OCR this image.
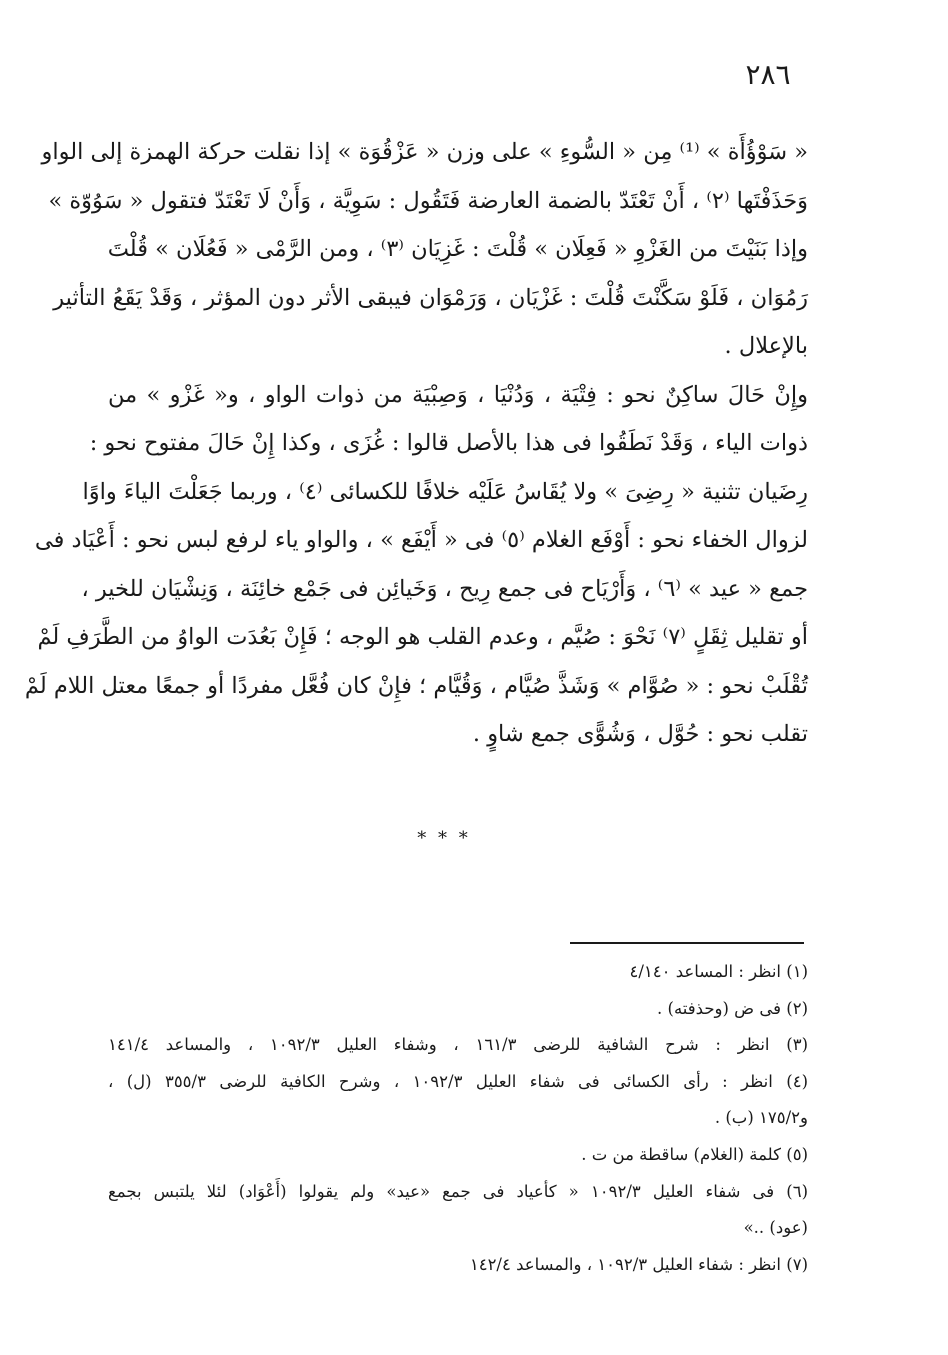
٢٨٦
« سَوْؤُأَة » ⁽¹⁾ مِن « السُّوءِ » على وزن « عَزْقُوَة » إذا نقلت حركة الهمزة إلى الواو
وَحَذَفْتَها ⁽٢⁾ ، أَنْ تَعْتَدّ بالضمة العارضة فَتَقُول : سَوِيَّة ، وَأَنْ لَا تَعْتَدّ فتقول « سَوُوّة »
وإذا بَنَيْتَ من الغَزْوِ « فَعِلَان » قُلْتَ : غَزِيَان ⁽٣⁾ ، ومن الرَّمْى « فَعُلَان » قُلْتَ
رَمُوَان ، فَلَوْ سَكَّنْتَ قُلْتَ : غَزْيَان ، وَرَمْوَان فيبقى الأثر دون المؤثر ، وَقَدْ يَقَعُ التأثير
بالإعلال .
وإِنْ حَالَ ساكِنٌ نحو : فِتْيَة ، وَدُنْيَا ، وَصِبْيَة من ذوات الواو ، و« غَزْو » من
ذوات الياء ، وَقَدْ نَطَقُوا فى هذا بالأصل قالوا : غُزَى ، وكذا إِنْ حَالَ مفتوح نحو :
رِضَيان تثنية « رِضِىَ » ولا يُقَاسُ عَلَيْه خلافًا للكسائى ⁽٤⁾ ، وربما جَعَلْتَ الياءَ واوًا
لزوال الخفاء نحو : أَوْفَع الغلام ⁽٥⁾ فى « أَيْفَع » ، والواو ياء لرفع لبس نحو : أَعْيَاد فى
جمع « عيد » ⁽٦⁾ ، وَأَرْيَاح فى جمع رِيح ، وَخَيائِن فى جَمْع خائِنَة ، وَنِشْيَان للخير ،
أو تقليل ثِقَلٍ ⁽٧⁾ نَحْوَ : صُيَّم ، وعدم القلب هو الوجه ؛ فَإِنْ بَعُدَت الواوُ من الطَّرَفِ لَمْ
تُقْلَبْ نحو : « صُوَّام » وَشَذَّ صُيَّام ، وَقُيَّام ؛ فإِنْ كان فُعَّل مفردًا أو جمعًا معتل اللام لَمْ
تقلب نحو : حُوَّل ، وَشُوًّى جمع شاوٍ .
* * *
(١) انظر : المساعد ٤/١٤٠
(٢) فى ض (وحذفته) .
(٣) انظر : شرح الشافية للرضى ١٦١/٣ ، وشفاء العليل ١٠٩٢/٣ ، والمساعد ١٤١/٤
(٤) انظر : رأى الكسائى فى شفاء العليل ١٠٩٢/٣ ، وشرح الكافية للرضى ٣٥٥/٣ (ل) ،
و١٧٥/٢ (ب) .
(٥) كلمة (الغلام) ساقطة من ت .
(٦) فى شفاء العليل ١٠٩٢/٣ « كأعياد فى جمع «عيد» ولم يقولوا (أَعْوَاد) لئلا يلتبس بجمع
(عود) ..»
(٧) انظر : شفاء العليل ١٠٩٢/٣ ، والمساعد ١٤٢/٤
